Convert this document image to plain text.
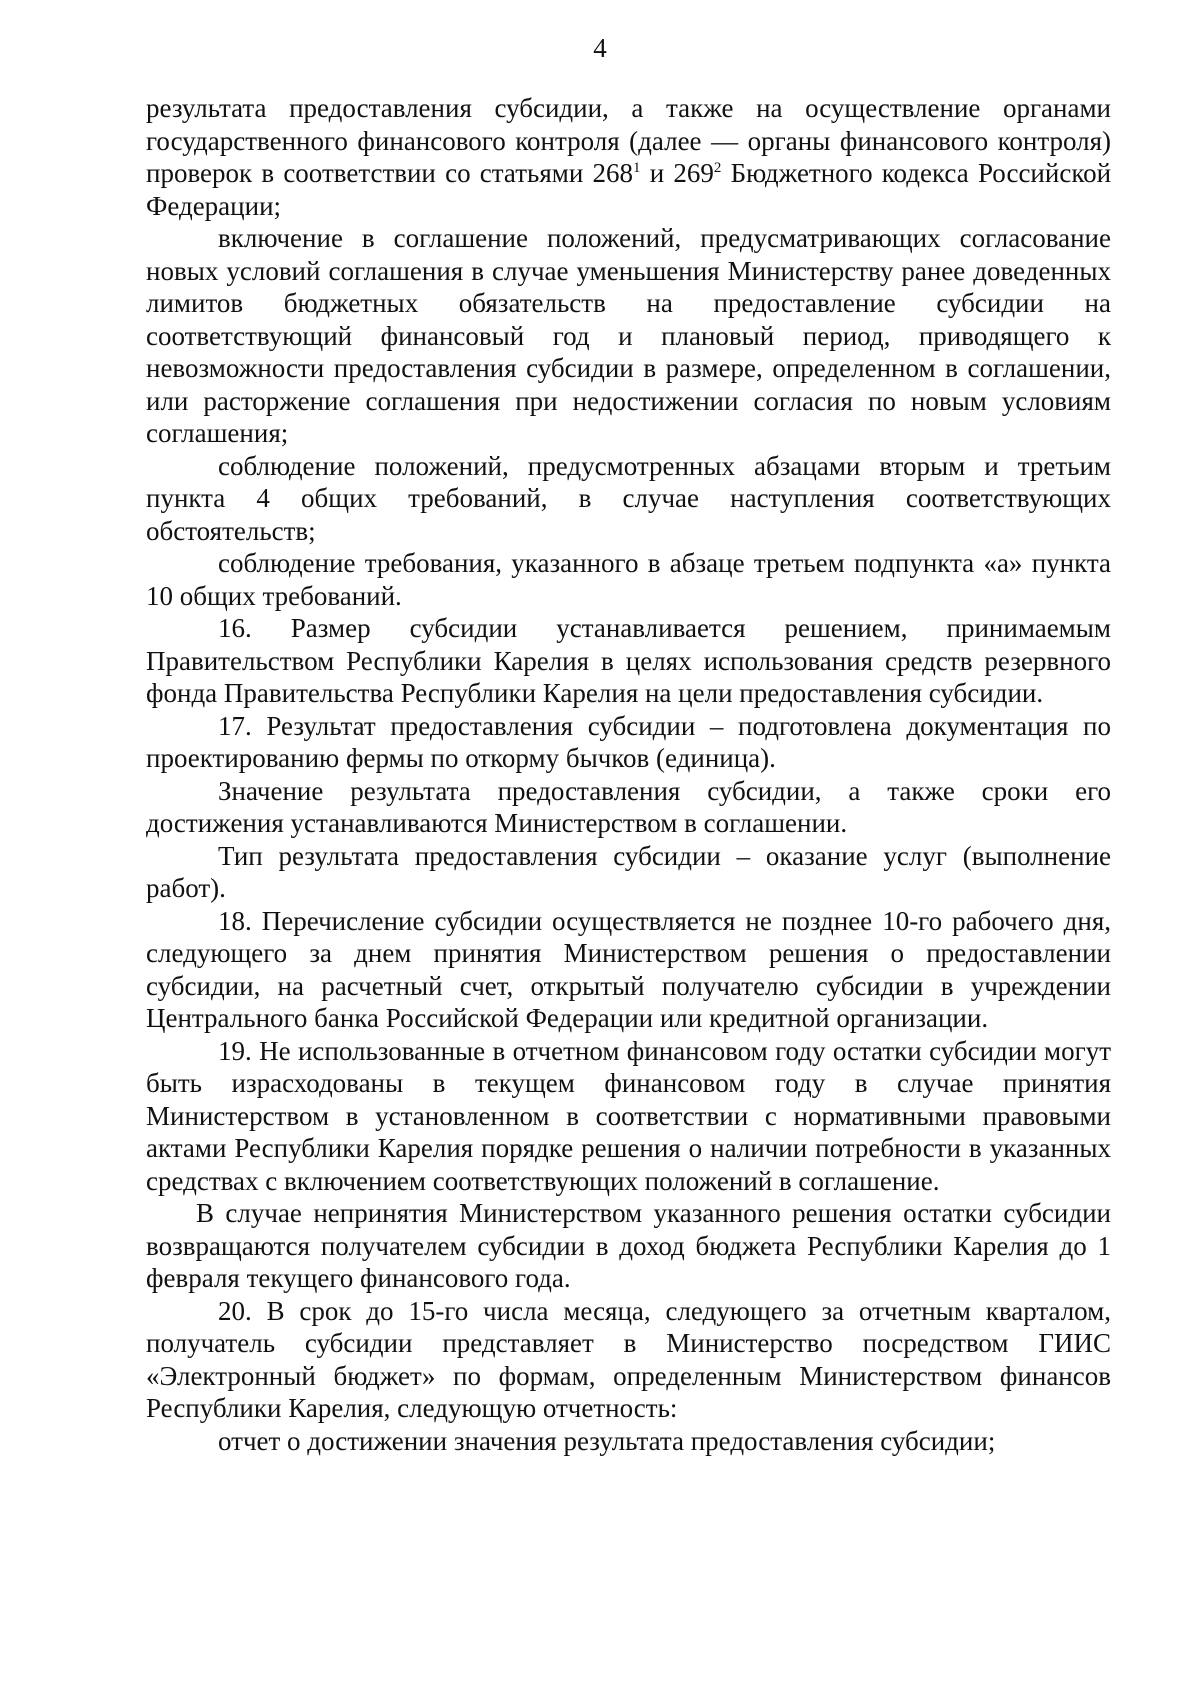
4

результата предоставления субсидии, а также на осуществление органами государственного финансового контроля (далее — органы финансового контроля) проверок в соответствии со статьями $268^1$ и $269^2$ Бюджетного кодекса Российской Федерации;

включение в соглашение положений, предусматривающих согласование новых условий соглашения в случае уменьшения Министерству ранее доведенных лимитов бюджетных обязательств на предоставление субсидии на соответствующий финансовый год и плановый период, приводящего к невозможности предоставления субсидии в размере, определенном в соглашении, или расторжение соглашения при недостижении согласия по новым условиям соглашения;

соблюдение положений, предусмотренных абзацами вторым и третьим пункта 4 общих требований, в случае наступления соответствующих обстоятельств;

соблюдение требования, указанного в абзаце третьем подпункта «а» пункта 10 общих требований.

16. Размер субсидии устанавливается решением, принимаемым Правительством Республики Карелия в целях использования средств резервного фонда Правительства Республики Карелия на цели предоставления субсидии.

17. Результат предоставления субсидии – подготовлена документация по проектированию фермы по откорму бычков (единица).

Значение результата предоставления субсидии, а также сроки его достижения устанавливаются Министерством в соглашении.

Тип результата предоставления субсидии – оказание услуг (выполнение работ).

18. Перечисление субсидии осуществляется не позднее 10-го рабочего дня, следующего за днем принятия Министерством решения о предоставлении субсидии, на расчетный счет, открытый получателю субсидии в учреждении Центрального банка Российской Федерации или кредитной организации.

19. Не использованные в отчетном финансовом году остатки субсидии могут быть израсходованы в текущем финансовом году в случае принятия Министерством в установленном в соответствии с нормативными правовыми актами Республики Карелия порядке решения о наличии потребности в указанных средствах с включением соответствующих положений в соглашение.

В случае непринятия Министерством указанного решения остатки субсидии возвращаются получателем субсидии в доход бюджета Республики Карелия до 1 февраля текущего финансового года.

20. В срок до 15-го числа месяца, следующего за отчетным кварталом, получатель субсидии представляет в Министерство посредством ГИИС «Электронный бюджет» по формам, определенным Министерством финансов Республики Карелия, следующую отчетность:

отчет о достижении значения результата предоставления субсидии;
